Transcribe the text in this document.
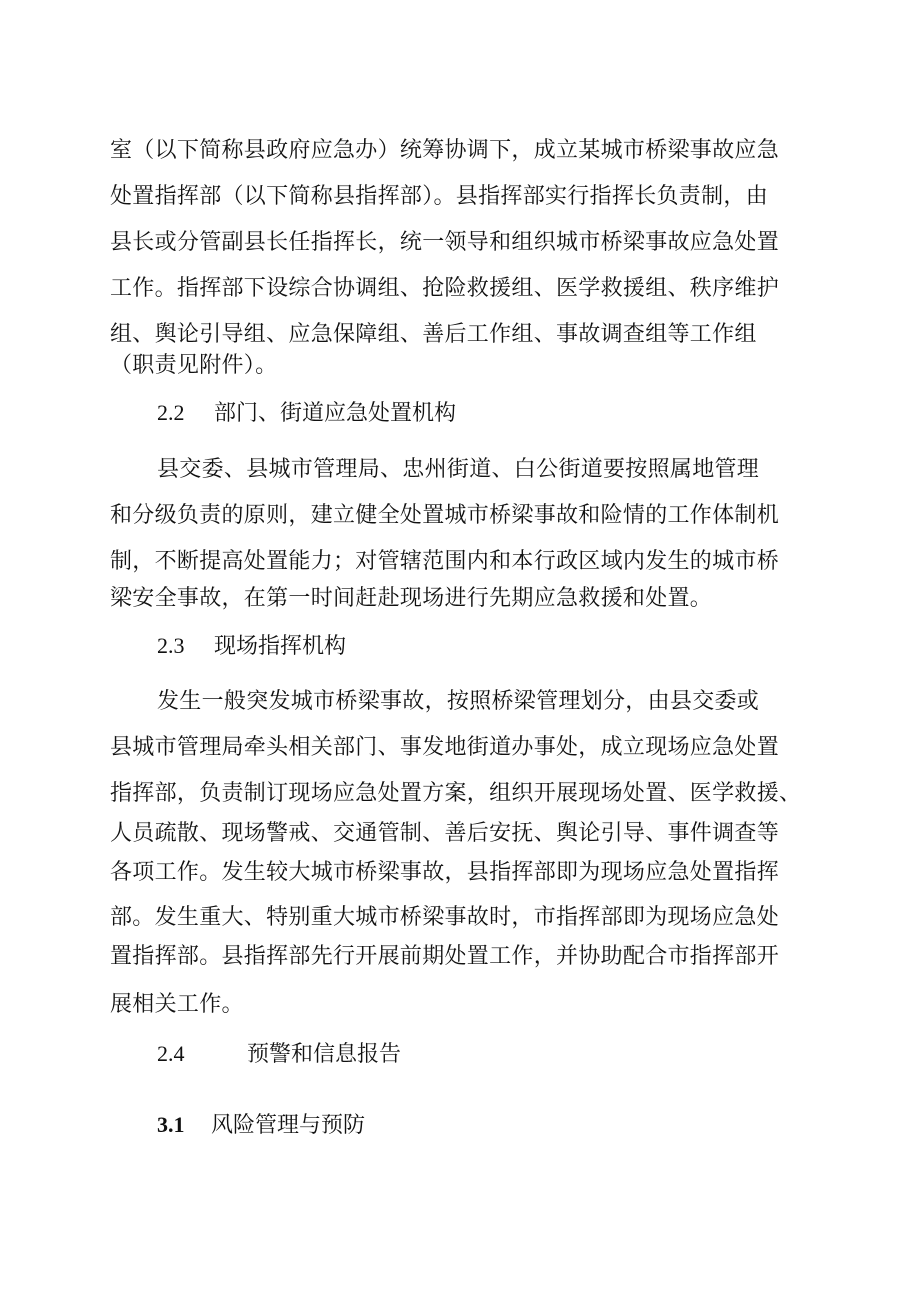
室（以下简称县政府应急办）统筹协调下，成立某城市桥梁事故应急
处置指挥部（以下简称县指挥部）。县指挥部实行指挥长负责制，由
县长或分管副县长任指挥长，统一领导和组织城市桥梁事故应急处置
工作。指挥部下设综合协调组、抢险救援组、医学救援组、秩序维护
组、舆论引导组、应急保障组、善后工作组、事故调查组等工作组
（职责见附件）。
2.2 部门、街道应急处置机构
县交委、县城市管理局、忠州街道、白公街道要按照属地管理
和分级负责的原则，建立健全处置城市桥梁事故和险情的工作体制机
制，不断提高处置能力；对管辖范围内和本行政区域内发生的城市桥
梁安全事故，在第一时间赶赴现场进行先期应急救援和处置。
2.3 现场指挥机构
发生一般突发城市桥梁事故，按照桥梁管理划分，由县交委或
县城市管理局牵头相关部门、事发地街道办事处，成立现场应急处置
指挥部，负责制订现场应急处置方案，组织开展现场处置、医学救援、
人员疏散、现场警戒、交通管制、善后安抚、舆论引导、事件调查等
各项工作。发生较大城市桥梁事故，县指挥部即为现场应急处置指挥
部。发生重大、特别重大城市桥梁事故时，市指挥部即为现场应急处
置指挥部。县指挥部先行开展前期处置工作，并协助配合市指挥部开
展相关工作。
2.4	预警和信息报告
3.1 风险管理与预防
